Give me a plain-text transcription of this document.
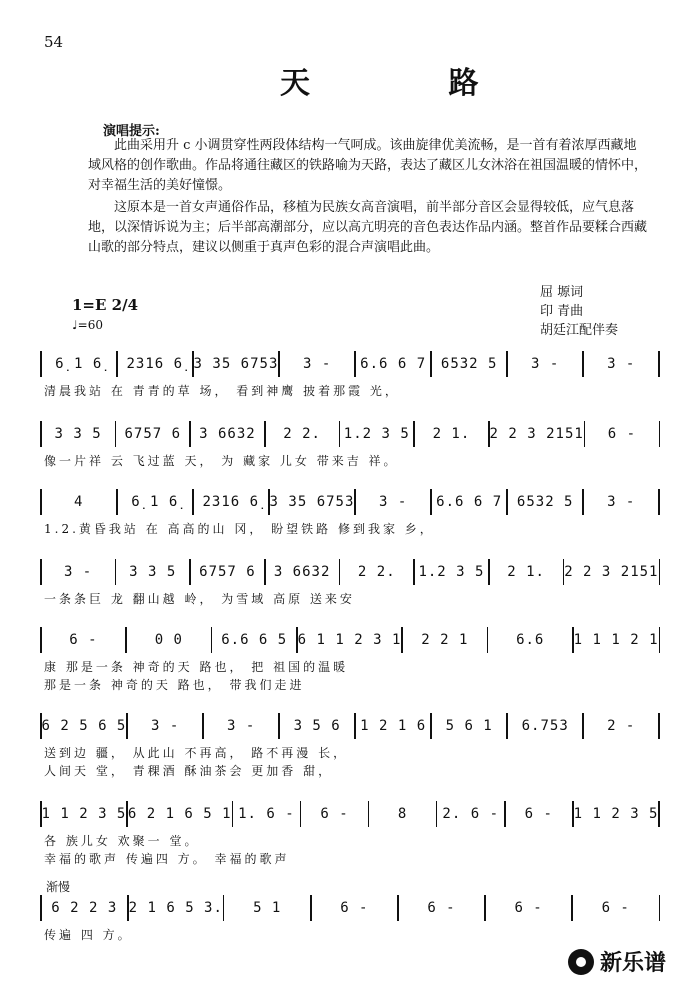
54
天 路
演唱提示:
此曲采用升 c 小调贯穿性两段体结构一气呵成。该曲旋律优美流畅，是一首有着浓厚西藏地域风格的创作歌曲。作品将通往藏区的铁路喻为天路，表达了藏区儿女沐浴在祖国温暖的情怀中，对幸福生活的美好憧憬。
这原本是一首女声通俗作品，移植为民族女高音演唱，前半部分音区会显得较低，应气息落地，以深情诉说为主；后半部高潮部分，应以高亢明亮的音色表达作品内涵。整首作品要糅合西藏山歌的部分特点，建议以侧重于真声色彩的混合声演唱此曲。
屈 塬词
印 青曲
胡廷江配伴奏
1=E 2/4
♩=60
6̣ 1 6̣	2316 6̣ 3 35 6753	3 -	6.6 6 7	6532 5	3 -	3 -
清晨我站 在 青青的草 场， 看到神鹰 披着那霞 光，
3 3 5	6757 6	3 6632	2 2.	1.2 3 5	2 1.	2 2 3 2151	6 -
像一片祥 云 飞过蓝 天， 为 藏家 儿女 带来吉 祥。
4	6̣ 1 6̣	2316 6̣ 3 35 6753	3 -	6.6 6 7	6532 5	3 -
1.2.黄昏我站 在 高高的山 冈， 盼望铁路 修到我家 乡，
3 -	3 3 5	6757 6	3 6632	2 2.	1.2 3 5	2 1.	2 2 3 2151
一条条巨 龙 翻山越 岭， 为雪域 高原 送来安
6 -	0 0	6.6 6 5 6 1 1 2 3 1	2 2 1	6.6	1 1 1 2 1
康 那是一条 神奇的天 路也， 把 祖国的温暖
那是一条 神奇的天 路也， 带我们走进
6 2 5 6 5	3 -	3 -	3 5 6	1 2 1 6	5 6 1	6.753	2 -
送到边 疆， 从此山 不再高， 路不再漫 长，
人间天 堂， 青稞酒 酥油茶会 更加香 甜，
1 1 2 3 5 6 2 1 6 5 1 1. 6 -	6 -	8	2. 6 -	6 -	1 1 2 3 5
各 族儿女 欢聚一 堂。
幸福的歌声 传遍四 方。 幸福的歌声
6 2 2 3 2 1 6 5 3.	5 1	6 -	6 -	6 -	6 -
传遍 四 方。
渐慢
新乐谱
